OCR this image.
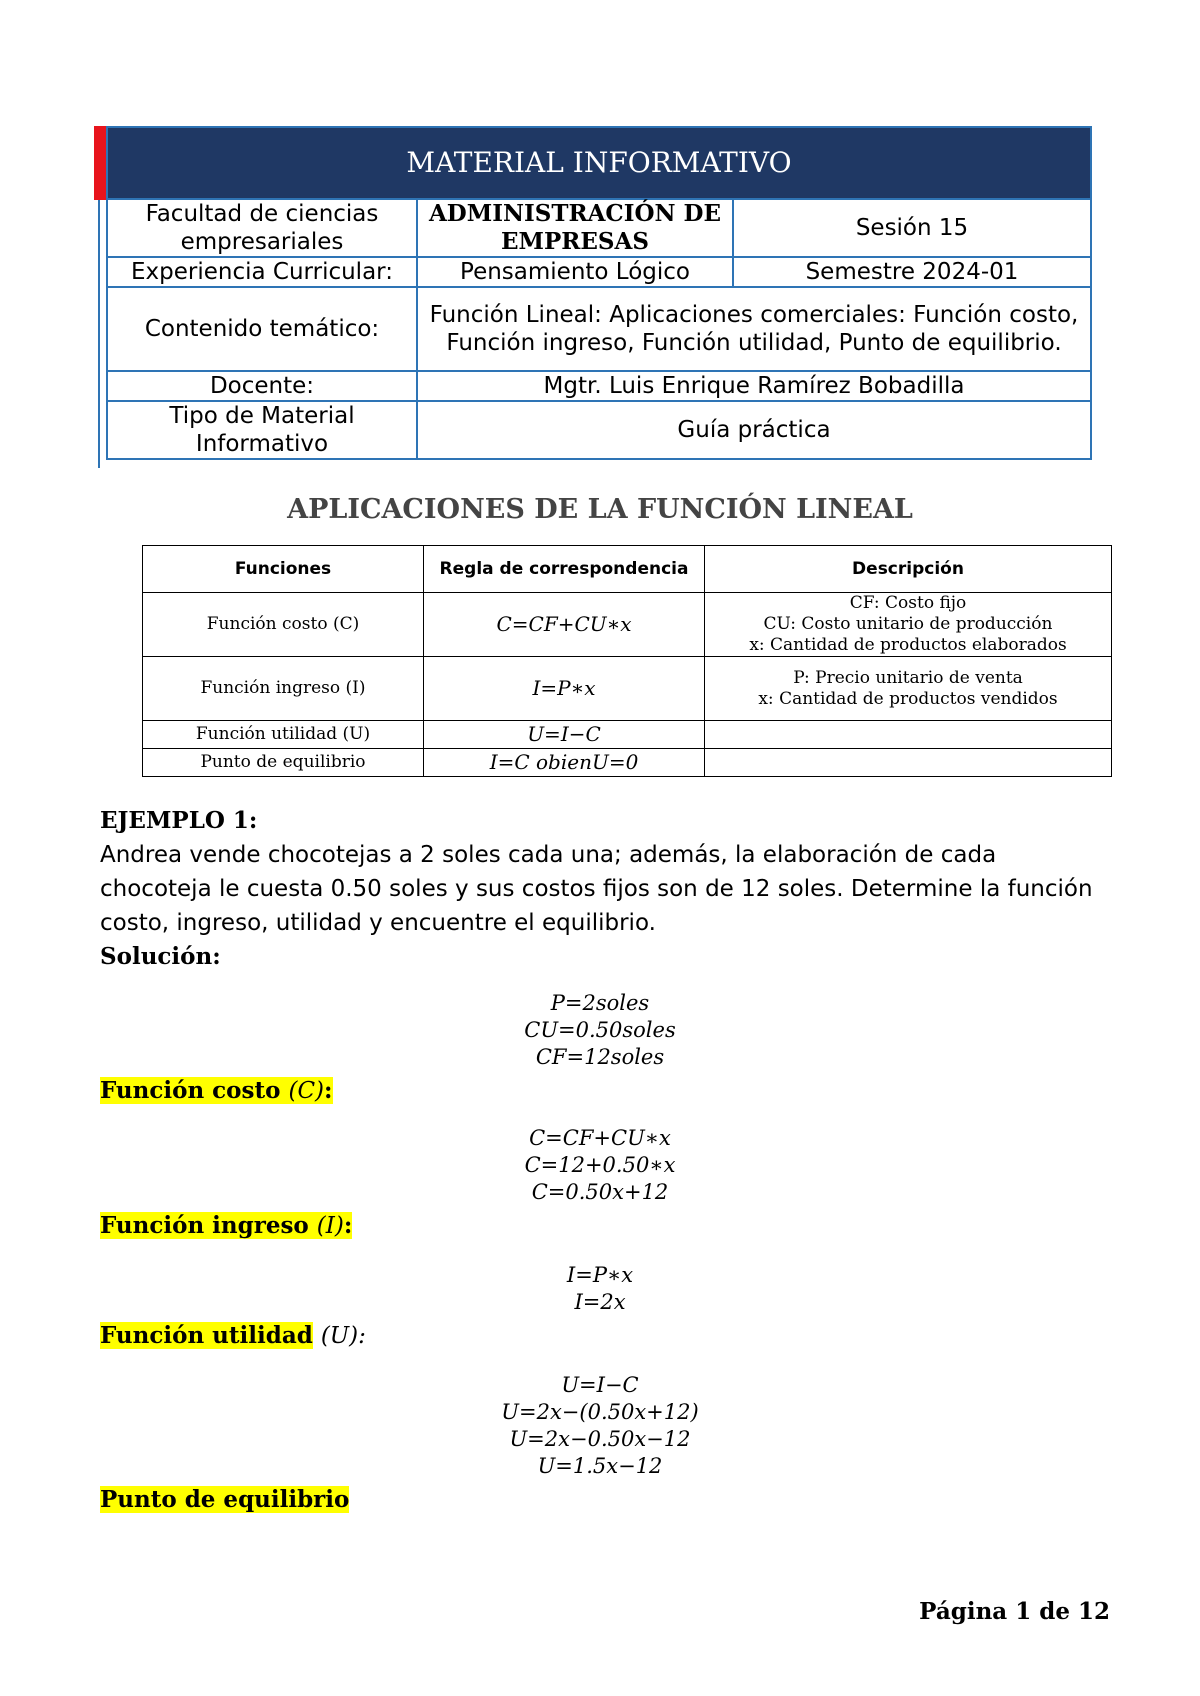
MATERIAL INFORMATIVO		
Facultad de ciencias empresariales	ADMINISTRACIÓN DE EMPRESAS	Sesión 15
Experiencia Curricular:	Pensamiento Lógico	Semestre 2024-01
Contenido temático:	Función Lineal: Aplicaciones comerciales: Función costo, Función ingreso, Función utilidad, Punto de equilibrio.	
Docente:	Mgtr. Luis Enrique Ramírez Bobadilla	
Tipo de Material Informativo	Guía práctica	
APLICACIONES DE LA FUNCIÓN LINEAL
Funciones	Regla de correspondencia	Descripción
Función costo (C)	C=CF+CU∗x	CF: Costo fijo
CU: Costo unitario de producción
x: Cantidad de productos elaborados

Función ingreso (I)	I=P∗x	P: Precio unitario de venta
x: Cantidad de productos vendidos

Función utilidad (U)	U=I−C	
Punto de equilibrio	I=C obienU=0	
EJEMPLO 1:
Andrea vende chocotejas a 2 soles cada una; además, la elaboración de cada chocoteja le cuesta 0.50 soles y sus costos fijos son de 12 soles. Determine la función costo, ingreso, utilidad y encuentre el equilibrio.
Solución:
P=2soles
CU=0.50soles
CF=12soles
Función costo (C):
C=CF+CU∗x
C=12+0.50∗x
C=0.50x+12
Función ingreso (I):
I=P∗x
I=2x
Función utilidad (U):
U=I−C
U=2x−(0.50x+12)
U=2x−0.50x−12
U=1.5x−12
Punto de equilibrio
Página 1 de 12
